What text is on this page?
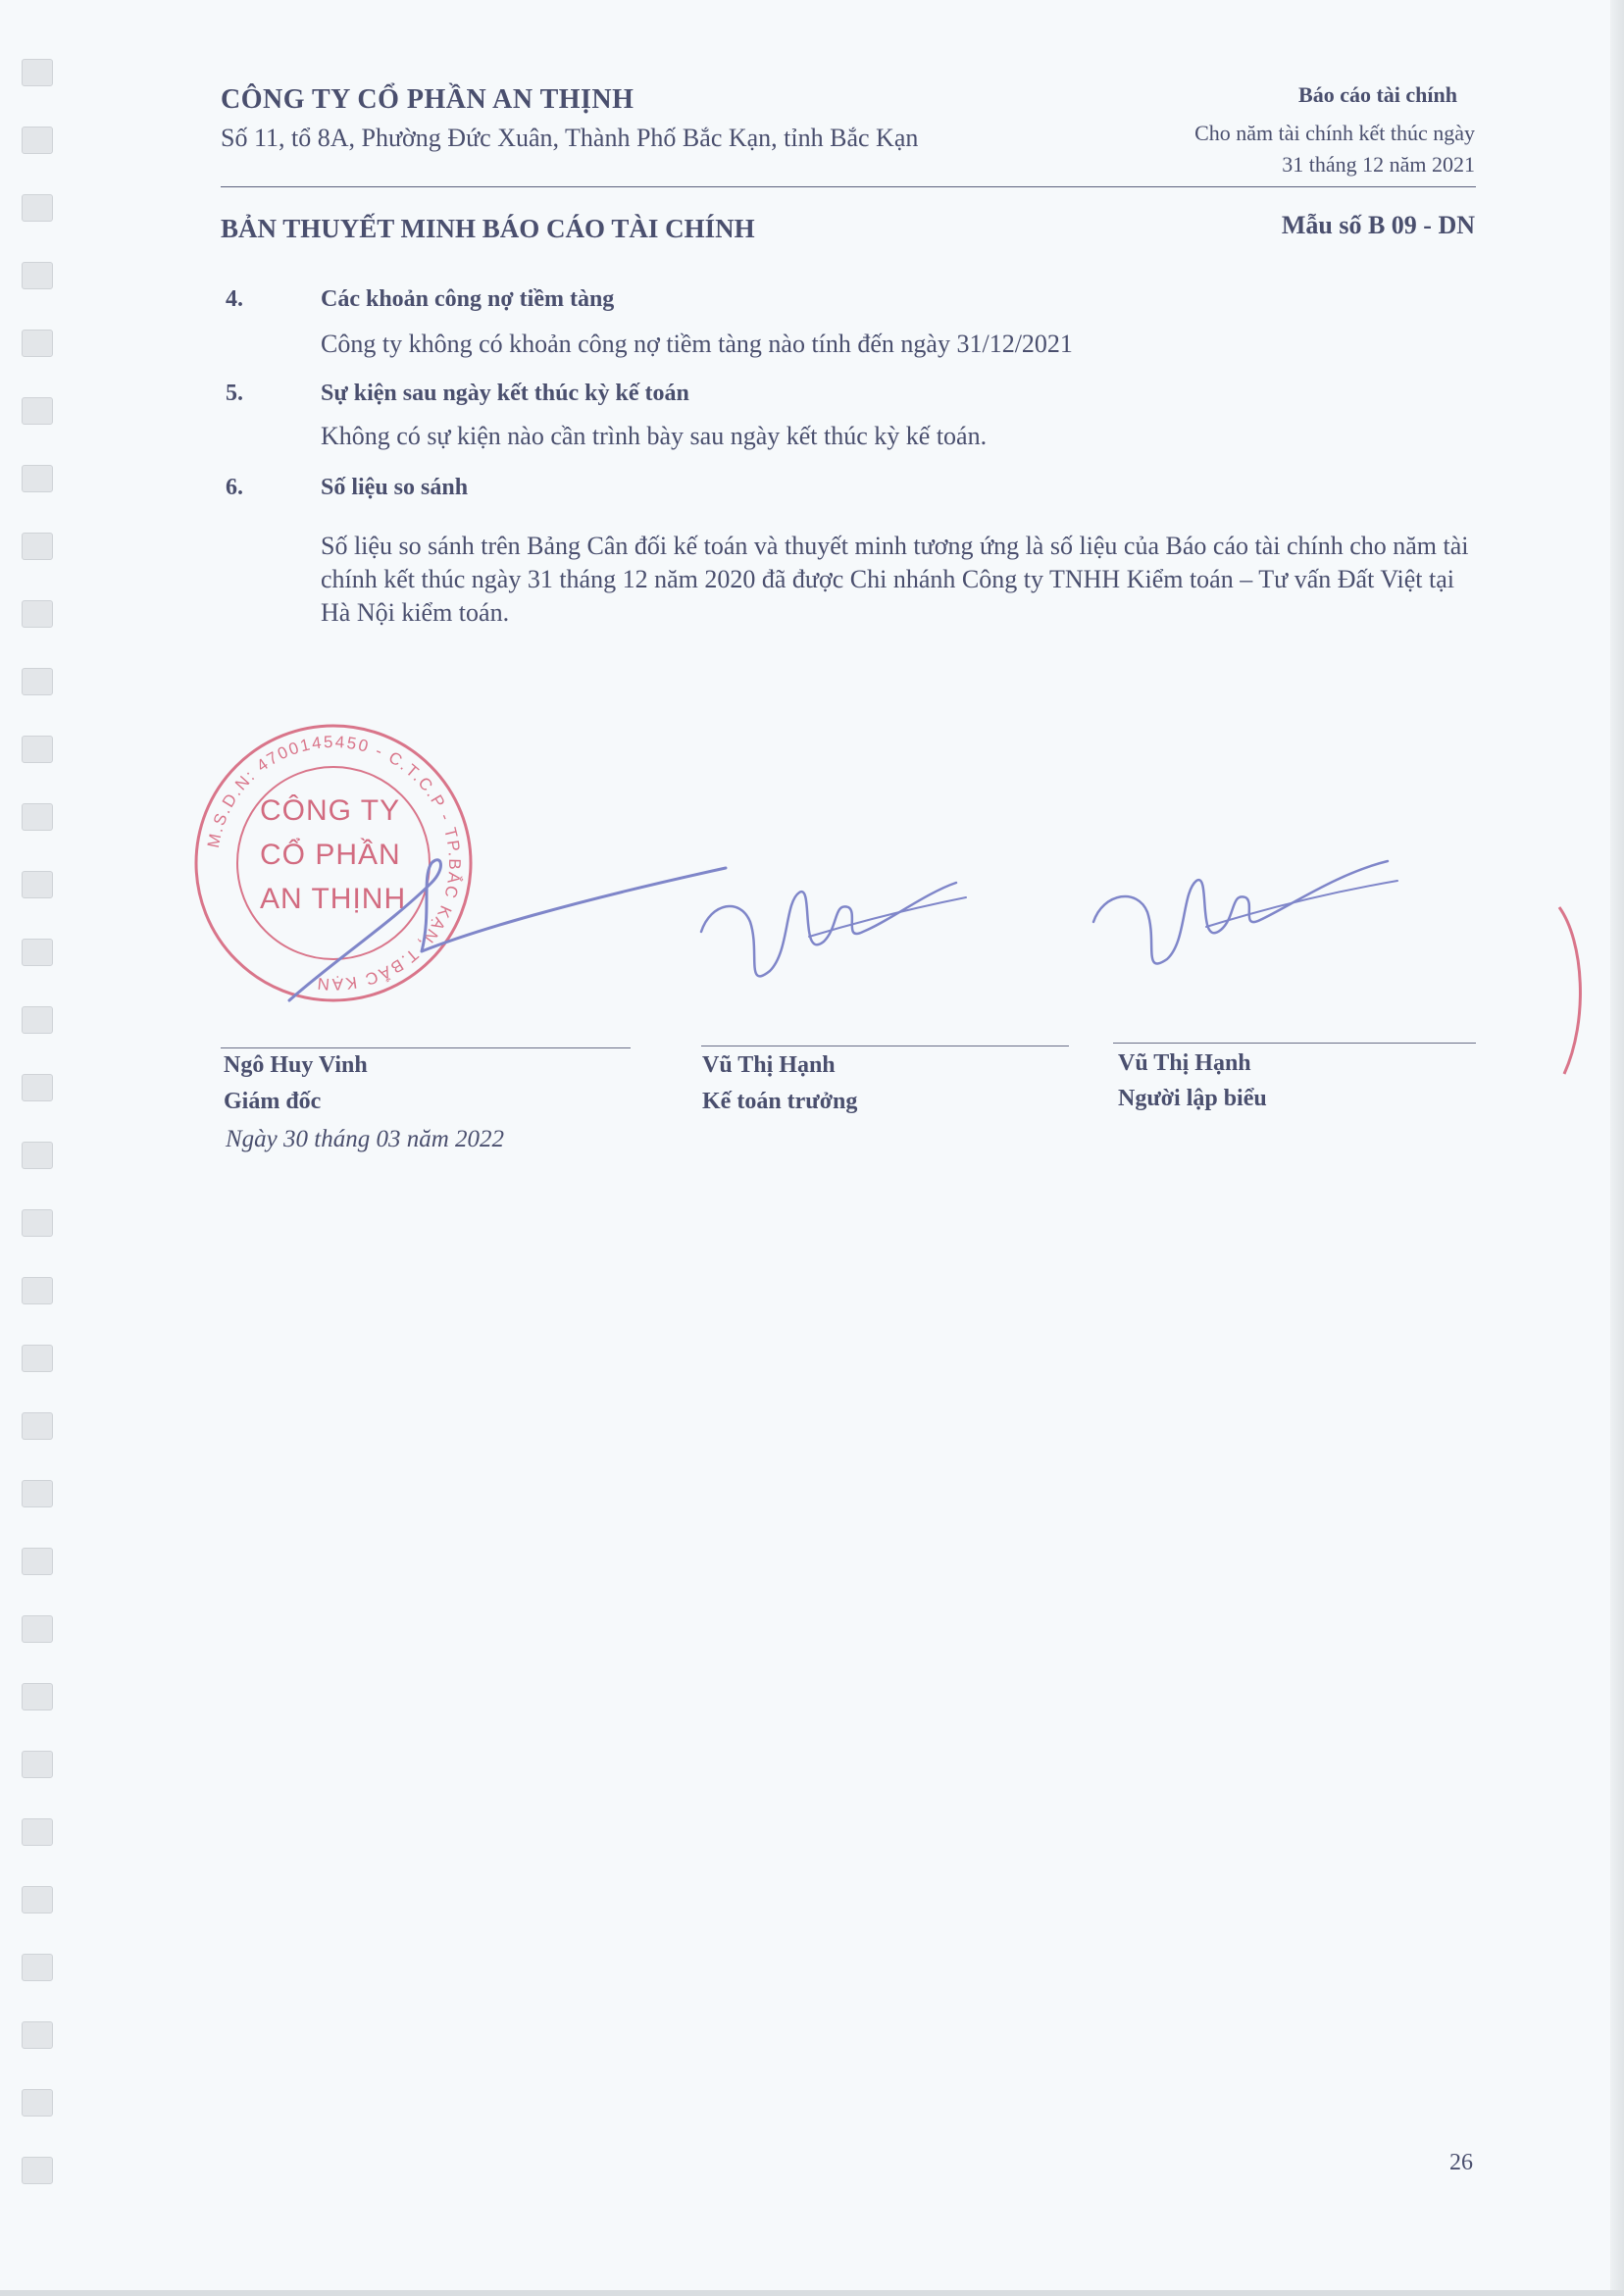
CÔNG TY CỔ PHẦN AN THỊNH
Số 11, tổ 8A, Phường Đức Xuân, Thành Phố Bắc Kạn, tỉnh Bắc Kạn
Báo cáo tài chính
Cho năm tài chính kết thúc ngày
31 tháng 12 năm 2021
BẢN THUYẾT MINH BÁO CÁO TÀI CHÍNH	Mẫu số B 09 - DN
4.	Các khoản công nợ tiềm tàng
Công ty không có khoản công nợ tiềm tàng nào tính đến ngày 31/12/2021
5.	Sự kiện sau ngày kết thúc kỳ kế toán
Không có sự kiện nào cần trình bày sau ngày kết thúc kỳ kế toán.
6.	Số liệu so sánh
Số liệu so sánh trên Bảng Cân đối kế toán và thuyết minh tương ứng là số liệu của Báo cáo tài chính cho năm tài chính kết thúc ngày 31 tháng 12 năm 2020 đã được Chi nhánh Công ty TNHH Kiểm toán – Tư vấn Đất Việt tại Hà Nội kiểm toán.
M.S.D.N: 4700145450 - C.T.C.P - TP.BẮC KẠN, T.BẮC KẠN
CÔNG TY
CỔ PHẦN
AN THỊNH
Ngô Huy Vinh
Giám đốc
Vũ Thị Hạnh
Kế toán trưởng
Vũ Thị Hạnh
Người lập biểu
Ngày 30 tháng 03 năm 2022
26
